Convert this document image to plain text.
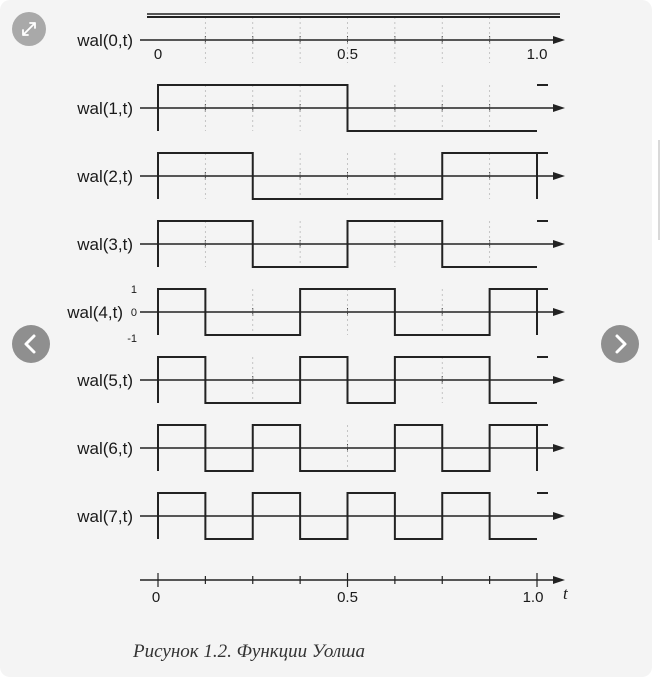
wal(0,t)
0	0.5	1.0
wal(1,t)
wal(2,t)
wal(3,t)
wal(4,t)
1
0
-1
wal(5,t)
wal(6,t)
wal(7,t)
0	0.5	1.0 t
Рисунок 1.2. Функции Уолша
